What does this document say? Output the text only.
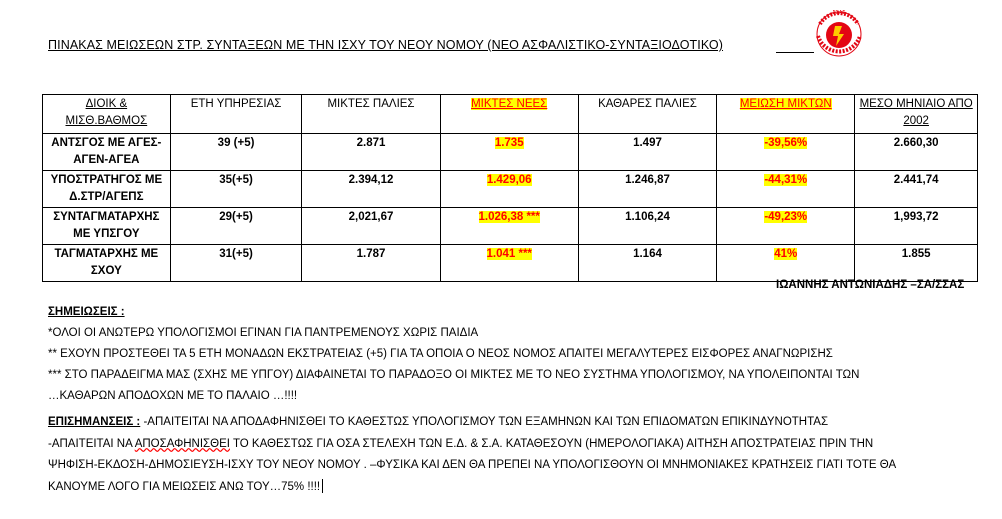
ΠΙΝΑΚΑΣ ΜΕΙΩΣΕΩΝ ΣΤΡ. ΣΥΝΤΑΞΕΩΝ ΜΕ ΤΗΝ ΙΣΧΥ ΤΟΥ ΝΕΟΥ ΝΟΜΟΥ (ΝΕΟ ΑΣΦΑΛΙΣΤΙΚΟ-ΣΥΝΤΑΞΙΟΔΟΤΙΚΟ)
ΣΣΑΣ
ΔΙΟΙΚ & ΜΙΣΘ.ΒΑΘΜΟΣ	ΕΤΗ ΥΠΗΡΕΣΙΑΣ	ΜΙΚΤΕΣ ΠΑΛΙΕΣ	ΜΙΚΤΕΣ ΝΕΕΣ	ΚΑΘΑΡΕΣ ΠΑΛΙΕΣ	ΜΕΙΩΣΗ ΜΙΚΤΩΝ	ΜΕΣΟ ΜΗΝΙΑΙΟ ΑΠΟ 2002
ΑΝΤΣΓΟΣ ΜΕ ΑΓΕΣ-ΑΓΕΝ-ΑΓΕΑ	39 (+5)	2.871	1.735	1.497	-39,56%	2.660,30
ΥΠΟΣΤΡΑΤΗΓΟΣ ΜΕ Δ.ΣΤΡ/ΑΓΕΠΣ	35(+5)	2.394,12	1.429,06	1.246,87	-44,31%	2.441,74
ΣΥΝΤΑΓΜΑΤΑΡΧΗΣ ΜΕ ΥΠΣΓΟΥ	29(+5)	2,021,67	1.026,38 ***	1.106,24	-49,23%	1,993,72
ΤΑΓΜΑΤΑΡΧΗΣ ΜΕ ΣΧΟΥ	31(+5)	1.787	1.041 ***	1.164	41%	1.855
ΙΩΑΝΝΗΣ ΑΝΤΩΝΙΑΔΗΣ –ΣΑ/ΣΣΑΣ
ΣΗΜΕΙΩΣΕΙΣ :
*ΟΛΟΙ ΟΙ ΑΝΩΤΕΡΩ ΥΠΟΛΟΓΙΣΜΟΙ ΕΓΙΝΑΝ ΓΙΑ ΠΑΝΤΡΕΜΕΝΟΥΣ ΧΩΡΙΣ ΠΑΙΔΙΑ
** ΕΧΟΥΝ ΠΡΟΣΤΕΘΕΙ ΤΑ 5 ΕΤΗ ΜΟΝΑΔΩΝ ΕΚΣΤΡΑΤΕΙΑΣ (+5) ΓΙΑ ΤΑ ΟΠΟΙΑ Ο ΝΕΟΣ ΝΟΜΟΣ ΑΠΑΙΤΕΙ ΜΕΓΑΛΥΤΕΡΕΣ ΕΙΣΦΟΡΕΣ ΑΝΑΓΝΩΡΙΣΗΣ
*** ΣΤΟ ΠΑΡΑΔΕΙΓΜΑ ΜΑΣ (ΣΧΗΣ ΜΕ ΥΠΓΟΥ) ΔΙΑΦΑΙΝΕΤΑΙ ΤΟ ΠΑΡΑΔΟΞΟ ΟΙ ΜΙΚΤΕΣ ΜΕ ΤΟ ΝΕΟ ΣΥΣΤΗΜΑ ΥΠΟΛΟΓΙΣΜΟΥ, ΝΑ ΥΠΟΛΕΙΠΟΝΤΑΙ ΤΩΝ
…ΚΑΘΑΡΩΝ ΑΠΟΔΟΧΩΝ ΜΕ ΤΟ ΠΑΛΑΙΟ …!!!!
ΕΠΙΣΗΜΑΝΣΕΙΣ : -ΑΠΑΙΤΕΙΤΑΙ ΝΑ ΑΠΟΔΑΦΗΝΙΣΘΕΙ ΤΟ ΚΑΘΕΣΤΩΣ ΥΠΟΛΟΓΙΣΜΟΥ ΤΩΝ ΕΞΑΜΗΝΩΝ ΚΑΙ ΤΩΝ ΕΠΙΔΟΜΑΤΩΝ ΕΠΙΚΙΝΔΥΝΟΤΗΤΑΣ
-ΑΠΑΙΤΕΙΤΑΙ ΝΑ ΑΠΟΣΑΦΗΝΙΣΘΕΙ ΤΟ ΚΑΘΕΣΤΩΣ ΓΙΑ ΟΣΑ ΣΤΕΛΕΧΗ ΤΩΝ Ε.Δ. & Σ.Α. ΚΑΤΑΘΕΣΟΥΝ (ΗΜΕΡΟΛΟΓΙΑΚΑ) ΑΙΤΗΣΗ ΑΠΟΣΤΡΑΤΕΙΑΣ ΠΡΙΝ ΤΗΝ
ΨΗΦΙΣΗ-ΕΚΔΟΣΗ-ΔΗΜΟΣΙΕΥΣΗ-ΙΣΧΥ ΤΟΥ ΝΕΟΥ ΝΟΜΟΥ . –ΦΥΣΙΚΑ ΚΑΙ ΔΕΝ ΘΑ ΠΡΕΠΕΙ ΝΑ ΥΠΟΛΟΓΙΣΘΟΥΝ ΟΙ ΜΝΗΜΟΝΙΑΚΕΣ ΚΡΑΤΗΣΕΙΣ ΓΙΑΤΙ ΤΟΤΕ ΘΑ
ΚΑΝΟΥΜΕ ΛΟΓΟ ΓΙΑ ΜΕΙΩΣΕΙΣ ΑΝΩ ΤΟΥ…75% !!!!
